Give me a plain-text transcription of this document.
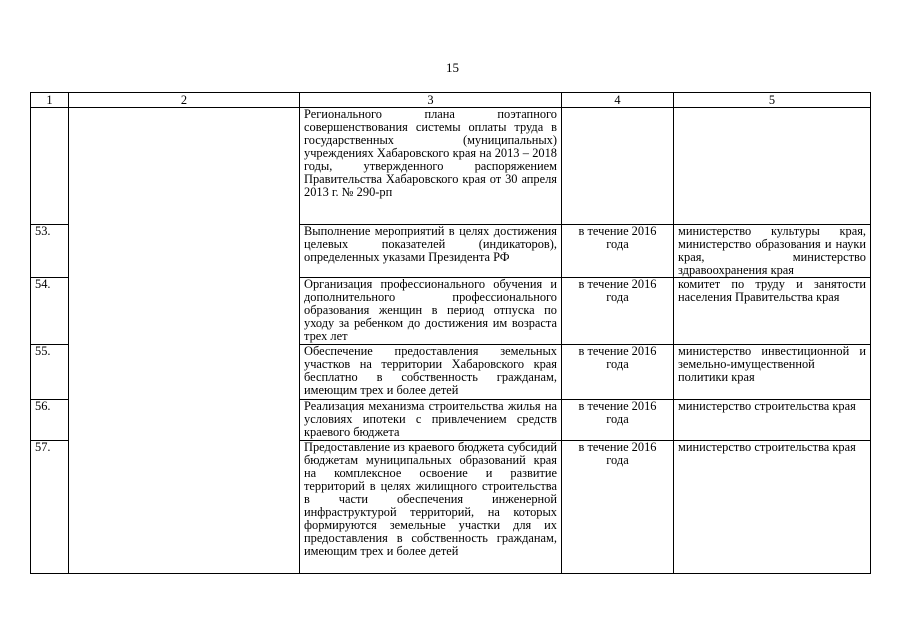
15
1	2	3	4	5
		Регионального плана поэтапного совершенствования системы оплаты труда в государственных (муниципальных) учреждениях Хабаровского края на 2013 – 2018 годы, утвержденного распоряжением Правительства Хабаровского края от 30 апреля 2013 г. № 290-рп		
53.		Выполнение мероприятий в целях достижения целевых показателей (индикаторов), определенных указами Президента РФ	в течение 2016 года	министерство культуры края, министерство образования и науки края, министерство здравоохранения края
54.		Организация профессионального обучения и дополнительного профессионального образования женщин в период отпуска по уходу за ребенком до достижения им возраста трех лет	в течение 2016 года	комитет по труду и занятости населения Правительства края
55.		Обеспечение предоставления земельных участков на территории Хабаровского края бесплатно в собственность гражданам, имеющим трех и более детей	в течение 2016 года	министерство инвестиционной и земельно-имущественной политики края
56.		Реализация механизма строительства жилья на условиях ипотеки с привлечением средств краевого бюджета	в течение 2016 года	министерство строительства края
57.		Предоставление из краевого бюджета субсидий бюджетам муниципальных образований края на комплексное освоение и развитие территорий в целях жилищного строительства в части обеспечения инженерной инфраструктурой территорий, на которых формируются земельные участки для их предоставления в собственность гражданам, имеющим трех и более детей	в течение 2016 года	министерство строительства края
